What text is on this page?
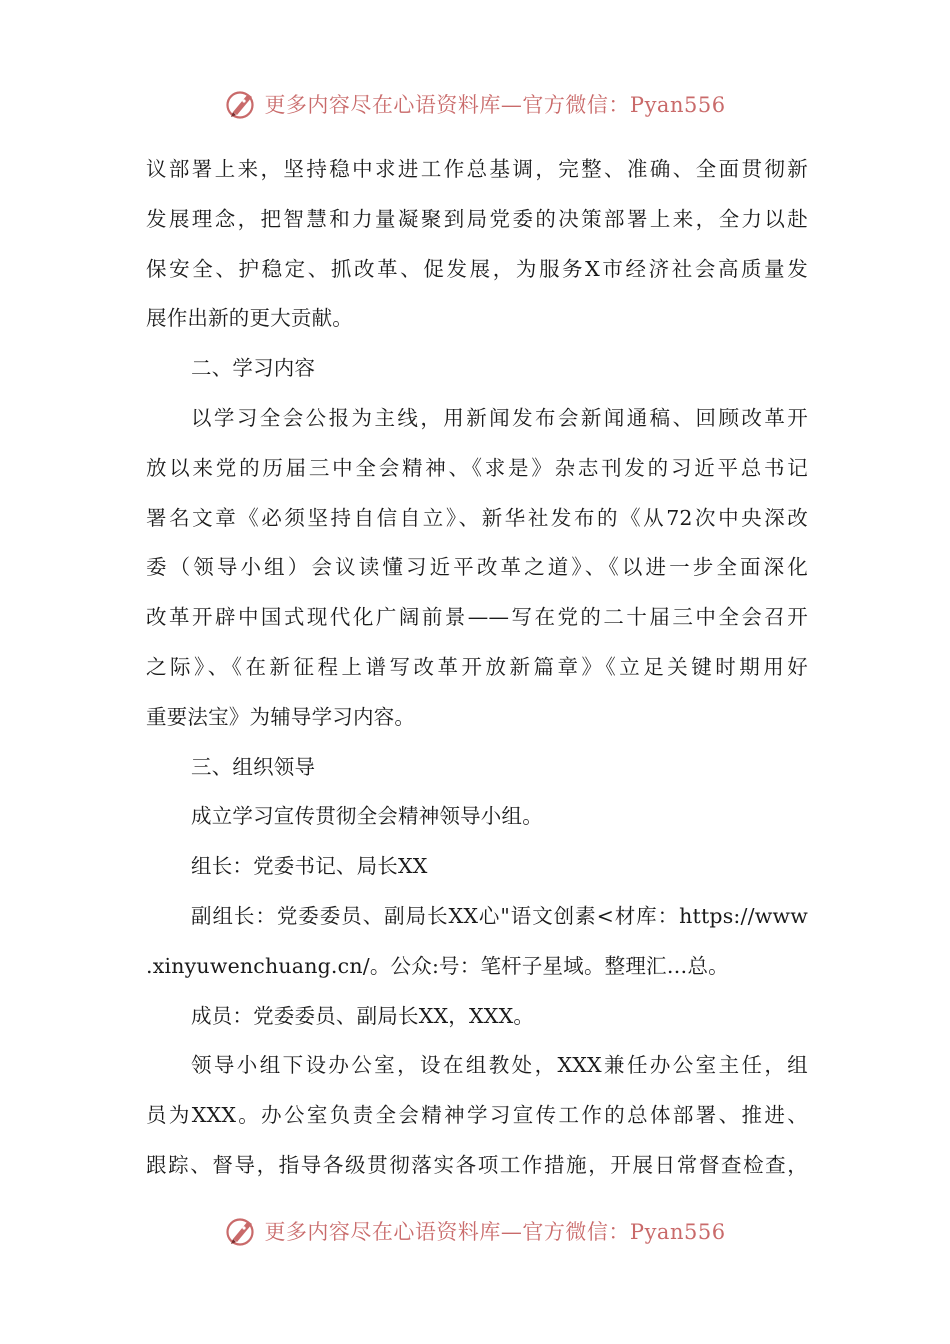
更多内容尽在心语资料库—官方微信：Pyan556
议部署上来，坚持稳中求进工作总基调，完整、准确、全面贯彻新
发展理念，把智慧和力量凝聚到局党委的决策部署上来，全力以赴
保安全、护稳定、抓改革、促发展，为服务X市经济社会高质量发
展作出新的更大贡献。
二、学习内容
以学习全会公报为主线，用新闻发布会新闻通稿、回顾改革开
放以来党的历届三中全会精神、《求是》杂志刊发的习近平总书记
署名文章《必须坚持自信自立》、新华社发布的《从72次中央深改
委（领导小组）会议读懂习近平改革之道》、《以进一步全面深化
改革开辟中国式现代化广阔前景——写在党的二十届三中全会召开
之际》、《在新征程上谱写改革开放新篇章》《立足关键时期用好
重要法宝》为辅导学习内容。
三、组织领导
成立学习宣传贯彻全会精神领导小组。
组长：党委书记、局长XX
副组长：党委委员、副局长XX心"语文创素<材库：https://www
.xinyuwenchuang.cn/。公众:号：笔杆子星域。整理汇…总。
成员：党委委员、副局长XX，XXX。
领导小组下设办公室，设在组教处，XXX兼任办公室主任，组
员为XXX。办公室负责全会精神学习宣传工作的总体部署、推进、
跟踪、督导，指导各级贯彻落实各项工作措施，开展日常督查检查，
更多内容尽在心语资料库—官方微信：Pyan556
